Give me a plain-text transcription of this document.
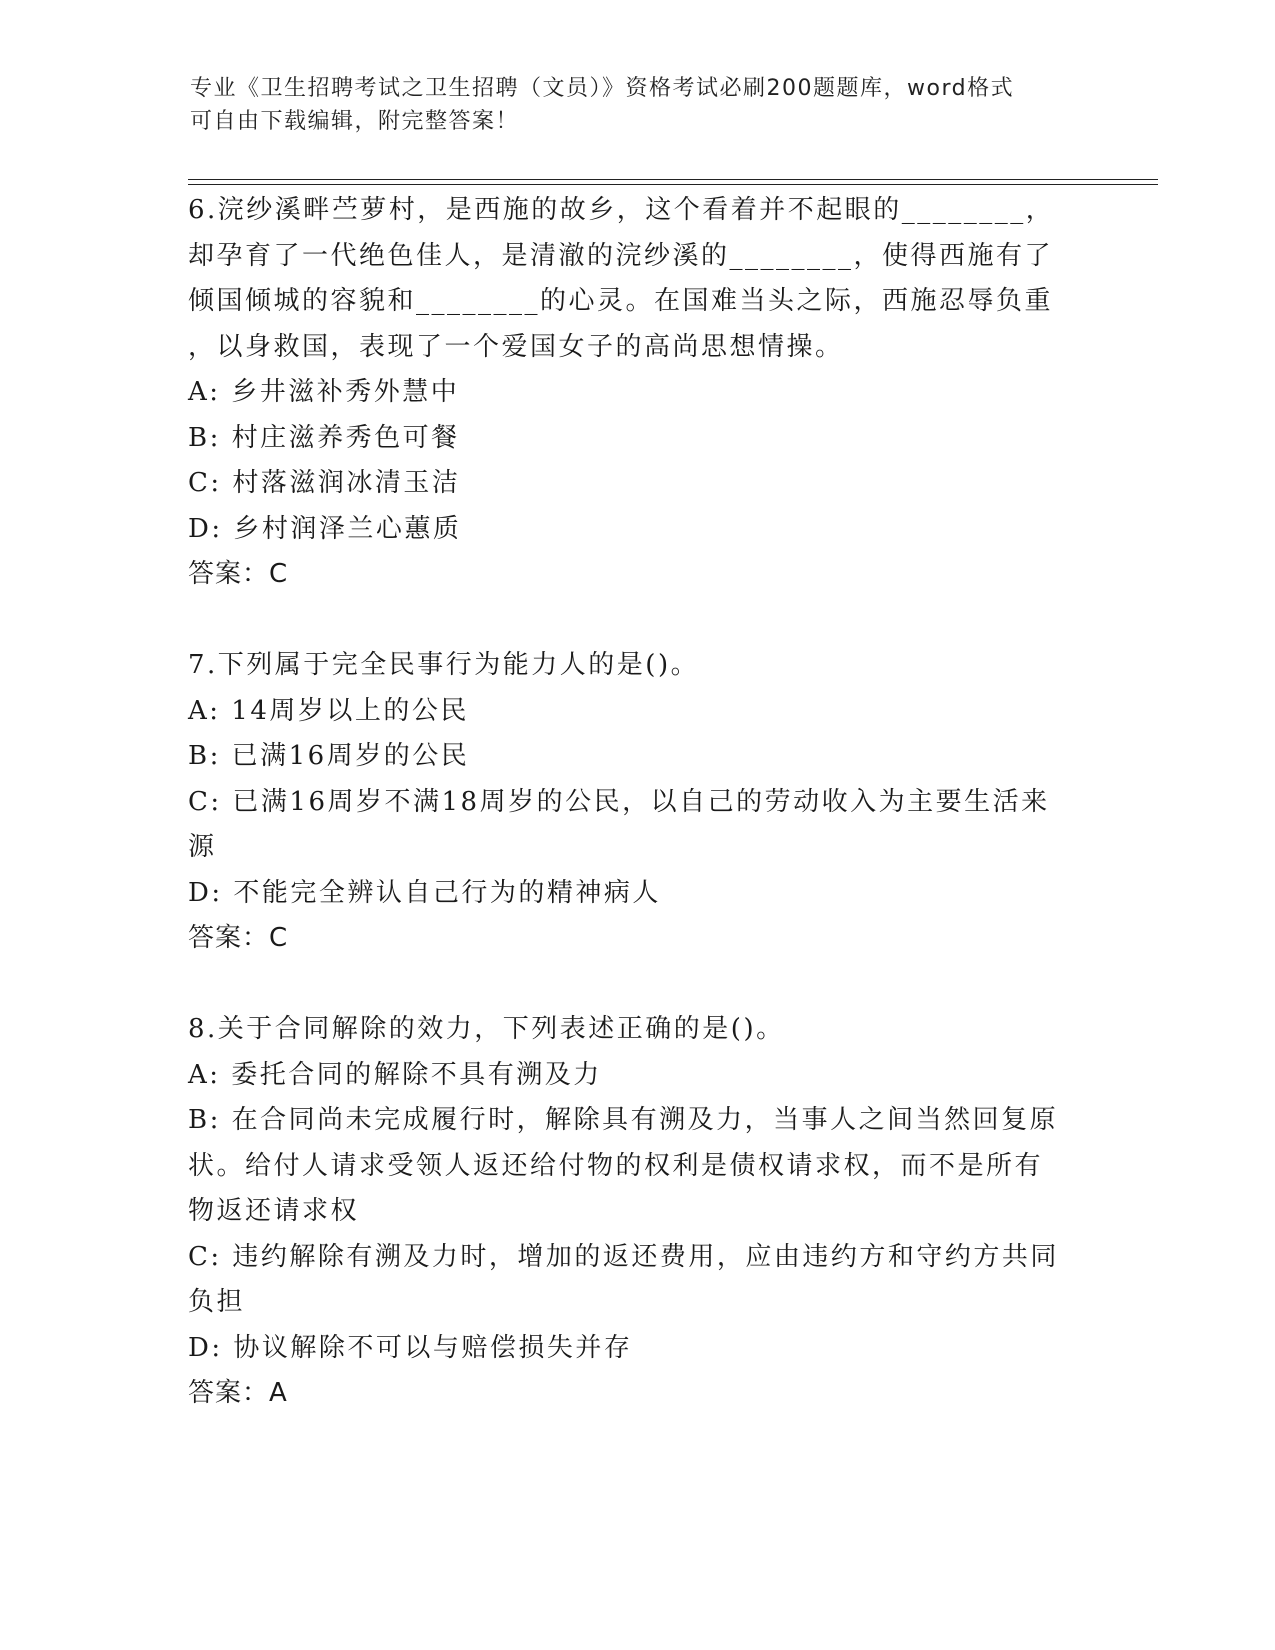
专业《卫生招聘考试之卫生招聘（文员）》资格考试必刷200题题库，word格式
可自由下载编辑，附完整答案！
6.浣纱溪畔苎萝村，是西施的故乡，这个看着并不起眼的________，
却孕育了一代绝色佳人，是清澈的浣纱溪的________，使得西施有了
倾国倾城的容貌和________的心灵。在国难当头之际，西施忍辱负重
，以身救国，表现了一个爱国女子的高尚思想情操。
A: 乡井滋补秀外慧中
B: 村庄滋养秀色可餐
C: 村落滋润冰清玉洁
D: 乡村润泽兰心蕙质
答案：C
7.下列属于完全民事行为能力人的是()。
A: 14周岁以上的公民
B: 已满16周岁的公民
C: 已满16周岁不满18周岁的公民，以自己的劳动收入为主要生活来
源
D: 不能完全辨认自己行为的精神病人
答案：C
8.关于合同解除的效力，下列表述正确的是()。
A: 委托合同的解除不具有溯及力
B: 在合同尚未完成履行时，解除具有溯及力，当事人之间当然回复原
状。给付人请求受领人返还给付物的权利是债权请求权，而不是所有
物返还请求权
C: 违约解除有溯及力时，增加的返还费用，应由违约方和守约方共同
负担
D: 协议解除不可以与赔偿损失并存
答案：A
